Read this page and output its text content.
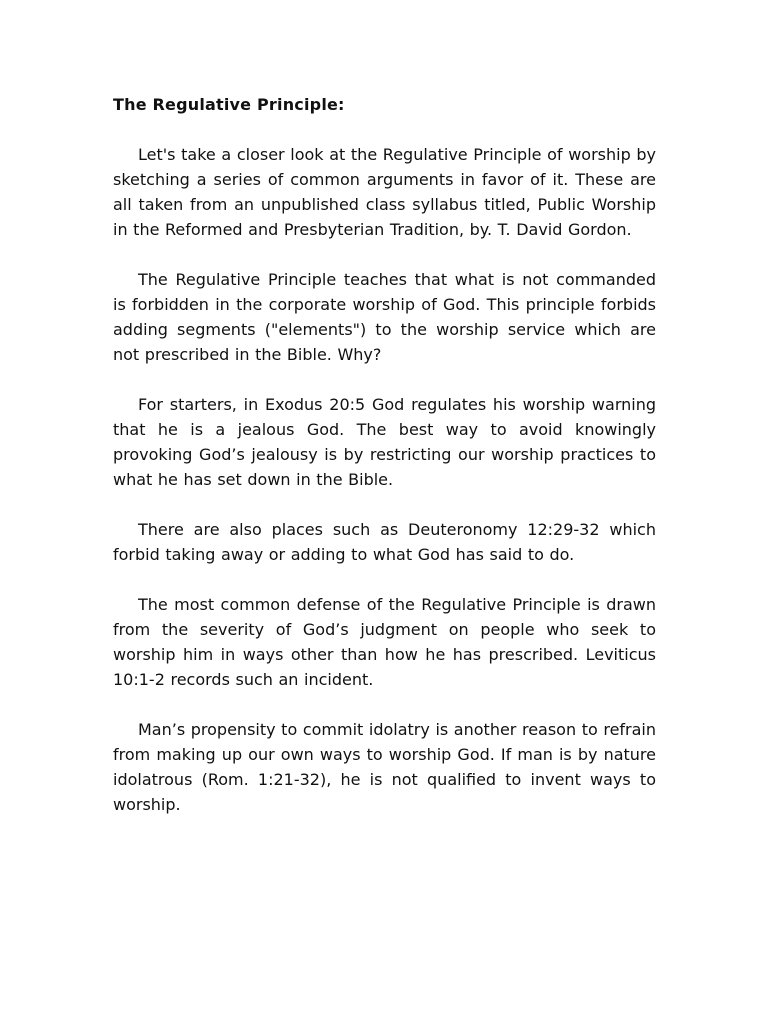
The Regulative Principle:

Let's take a closer look at the Regulative Principle of worship by sketching a series of common arguments in favor of it. These are all taken from an unpublished class syllabus titled, Public Worship in the Reformed and Presbyterian Tradition, by. T. David Gordon.

The Regulative Principle teaches that what is not commanded is forbidden in the corporate worship of God. This principle forbids adding segments ("elements") to the worship service which are not prescribed in the Bible. Why?

For starters, in Exodus 20:5 God regulates his worship warning that he is a jealous God. The best way to avoid knowingly provoking God’s jealousy is by restricting our worship practices to what he has set down in the Bible.

There are also places such as Deuteronomy 12:29-32 which forbid taking away or adding to what God has said to do.

The most common defense of the Regulative Principle is drawn from the severity of God’s judgment on people who seek to worship him in ways other than how he has prescribed. Leviticus 10:1-2 records such an incident.

Man’s propensity to commit idolatry is another reason to refrain from making up our own ways to worship God. If man is by nature idolatrous (Rom. 1:21-32), he is not qualified to invent ways to worship.
